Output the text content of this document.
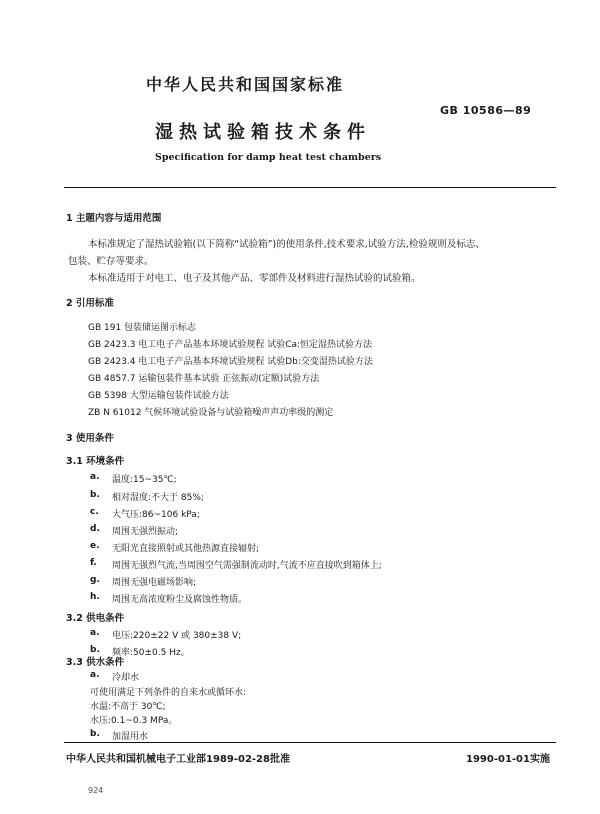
中华人民共和国国家标准
GB 10586—89
湿热试验箱技术条件
Specification for damp heat test chambers
1 主题内容与适用范围
本标准规定了湿热试验箱(以下简称“试验箱”)的使用条件,技术要求,试验方法,检验规则及标志、
包装、贮存等要求。
本标准适用于对电工、电子及其他产品、零部件及材料进行湿热试验的试验箱。
2 引用标准
GB 191 包装储运图示标志
GB 2423.3 电工电子产品基本环境试验规程 试验Ca:恒定湿热试验方法
GB 2423.4 电工电子产品基本环境试验规程 试验Db:交变湿热试验方法
GB 4857.7 运输包装件基本试验 正弦振动(定额)试验方法
GB 5398 大型运输包装件试验方法
ZB N 61012 气候环境试验设备与试验箱噪声声功率级的测定
3 使用条件
3.1 环境条件
a. 温度:15~35℃;
b. 相对湿度:不大于 85%;
c. 大气压:86~106 kPa;
d. 周围无强烈振动;
e. 无阳光直接照射或其他热源直接辐射;
f. 周围无强烈气流,当周围空气需强制流动时,气流不应直接吹到箱体上;
g. 周围无强电磁场影响;
h. 周围无高浓度粉尘及腐蚀性物质。
3.2 供电条件
a. 电压:220±22 V 或 380±38 V;
b. 频率:50±0.5 Hz。
3.3 供水条件
a. 冷却水
可使用满足下列条件的自来水或循环水:
水温:不高于 30℃;
水压:0.1~0.3 MPa。
b. 加湿用水
中华人民共和国机械电子工业部1989-02-28批准	1990-01-01实施
924
